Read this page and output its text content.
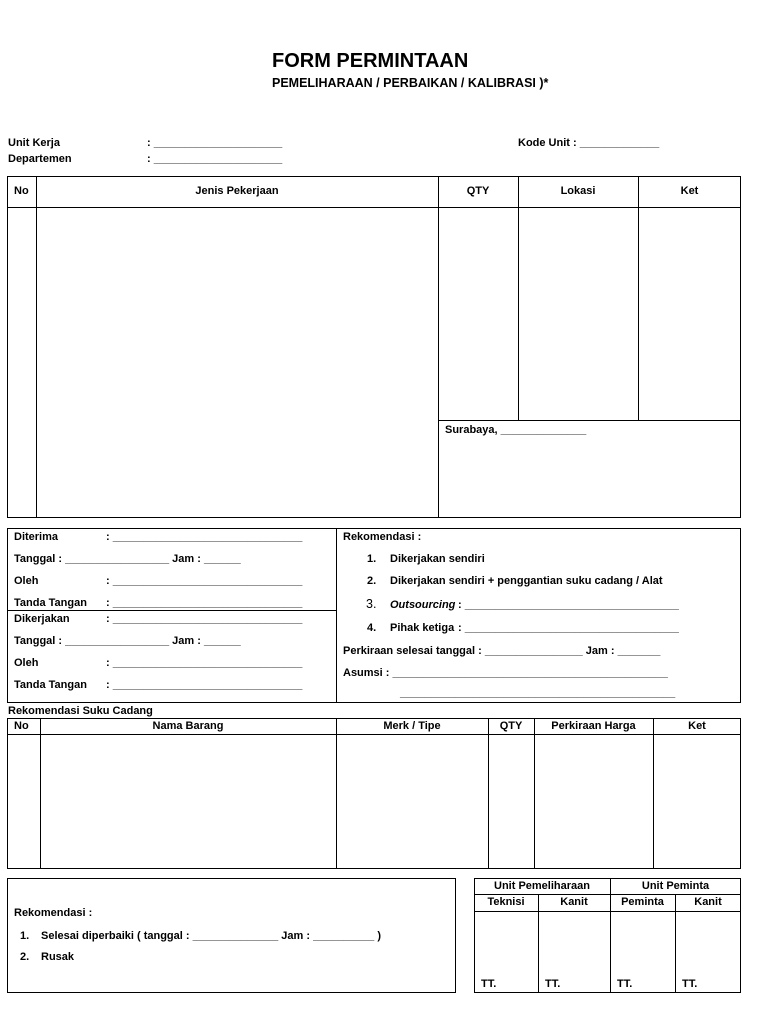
FORM PERMINTAAN
PEMELIHARAAN / PERBAIKAN / KALIBRASI )*
Unit Kerja	: _____________________
Departemen	: _____________________
Kode Unit : _____________
No	Jenis Pekerjaan	QTY	Lokasi	Ket
Surabaya, ______________
Diterima	: _______________________________
Tanggal : _________________ Jam : ______
Oleh	: _______________________________
Tanda Tangan : _______________________________
Dikerjakan	: _______________________________
Tanggal : _________________ Jam : ______
Oleh	: _______________________________
Tanda Tangan : _______________________________
Rekomendasi :
1. Dikerjakan sendiri
2. Dikerjakan sendiri + penggantian suku cadang / Alat
3. Outsourcing : ___________________________________
4. Pihak ketiga : ___________________________________
Perkiraan selesai tanggal : ________________ Jam : _______
Asumsi : _____________________________________________
_____________________________________________
Rekomendasi Suku Cadang
No	Nama Barang	Merk / Tipe	QTY	Perkiraan Harga	Ket
Rekomendasi :
1. Selesai diperbaiki ( tanggal : ______________ Jam : __________ )
2. Rusak
Unit Pemeliharaan	Unit Peminta
Teknisi	Kanit	Peminta	Kanit
TT.	TT.	TT.	TT.
